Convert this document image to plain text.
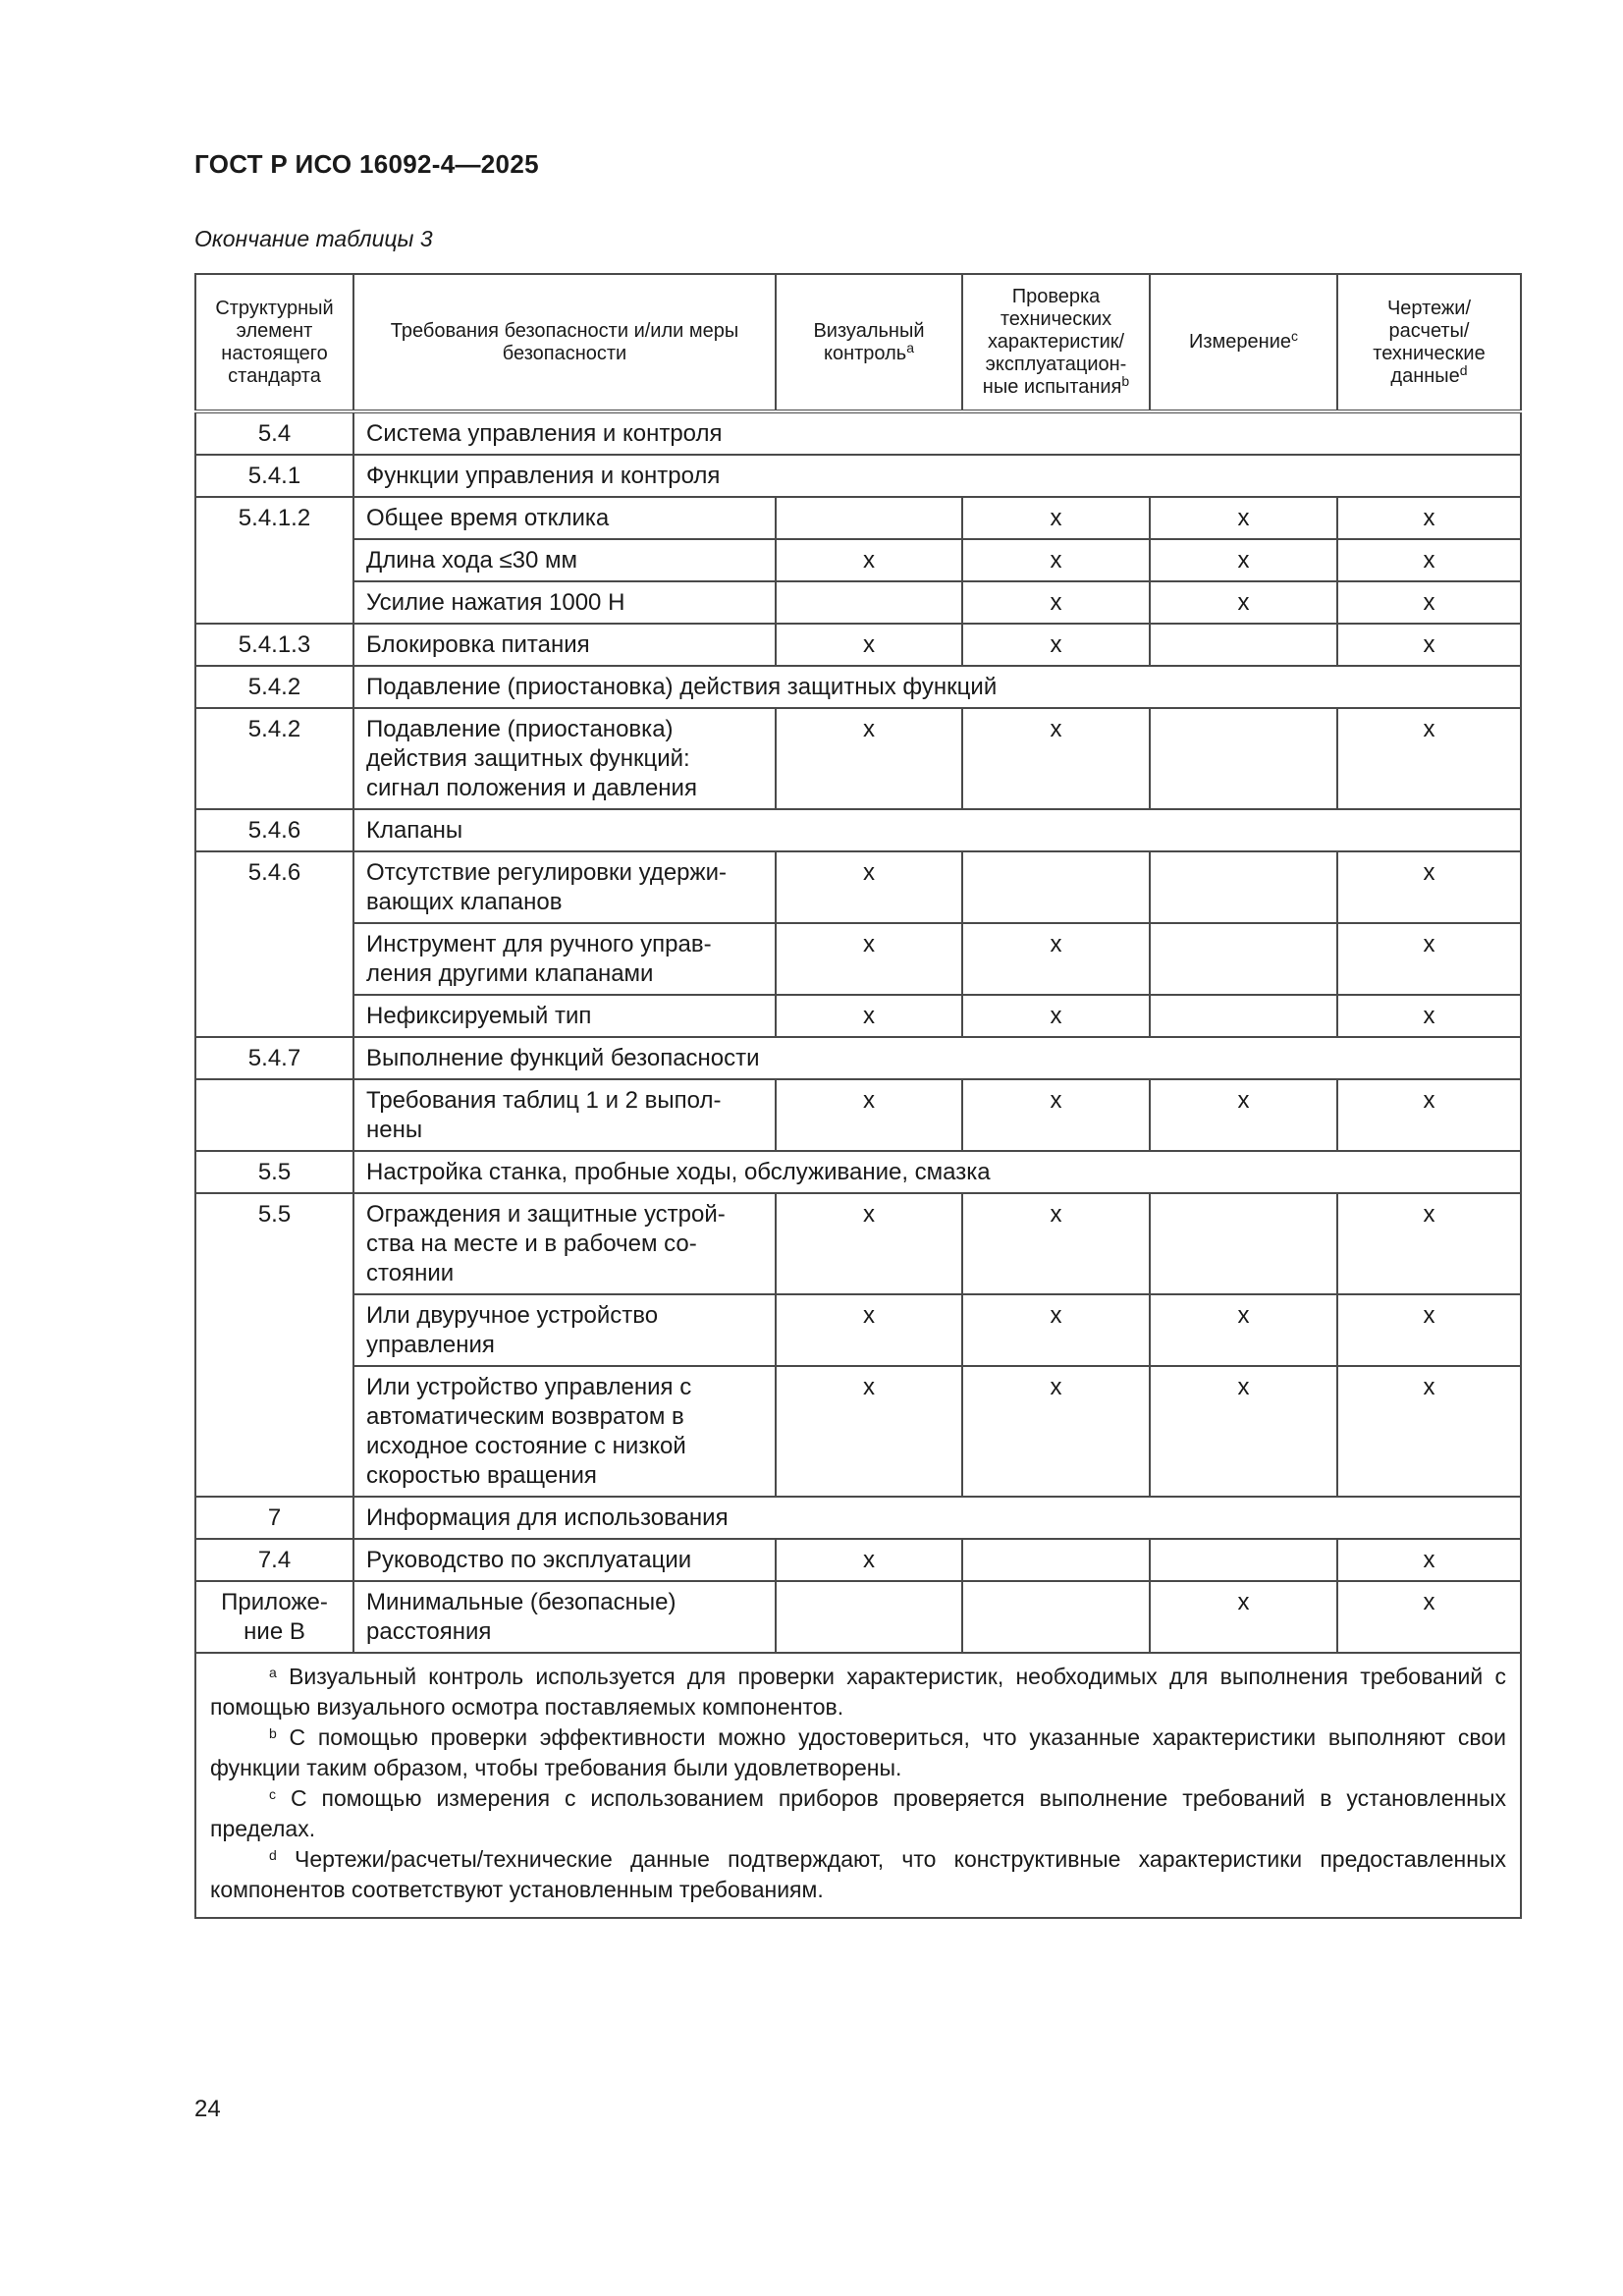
ГОСТ Р ИСО 16092-4—2025
Окончание таблицы 3
Структурный элемент настоящего стандарта	Требования безопасности и/или меры безопасности	Визуальный контроль$^a$	Проверка технических характеристик/ эксплуатацион-ные испытания$^b$	Измерение$^c$	Чертежи/ расчеты/ технические данные$^d$
5.4	Система управления и контроля				
5.4.1	Функции управления и контроля				
5.4.1.2	Общее время отклика		x	x	x
	Длина хода ≤30 мм	x	x	x	x
	Усилие нажатия 1000 Н		x	x	x
5.4.1.3	Блокировка питания	x	x		x
5.4.2	Подавление (приостановка) действия защитных функций				
5.4.2	Подавление (приостановка) действия защитных функций: сигнал положения и давления	x	x		x
5.4.6	Клапаны				
5.4.6	Отсутствие регулировки удержи-вающих клапанов	x			x
	Инструмент для ручного управ-ления другими клапанами	x	x		x
	Нефиксируемый тип	x	x		x
5.4.7	Выполнение функций безопасности				
	Требования таблиц 1 и 2 выпол-нены	x	x	x	x
5.5	Настройка станка, пробные ходы, обслуживание, смазка				
5.5	Ограждения и защитные устрой-ства на месте и в рабочем со-стоянии	x	x		x
	Или двуручное устройство управления	x	x	x	x
	Или устройство управления с автоматическим возвратом в исходное состояние с низкой скоростью вращения	x	x	x	x
7	Информация для использования				
7.4	Руководство по эксплуатации	x			x
Приложе-ние В	Минимальные (безопасные) расстояния			x	x

$^a$ Визуальный контроль используется для проверки характеристик, необходимых для выполнения требований с помощью визуального осмотра поставляемых компонентов.

$^b$ С помощью проверки эффективности можно удостовериться, что указанные характеристики выполняют свои функции таким образом, чтобы требования были удовлетворены.

$^c$ С помощью измерения с использованием приборов проверяется выполнение требований в установленных пределах.

$^d$ Чертежи/расчеты/технические данные подтверждают, что конструктивные характеристики предоставленных компонентов соответствуют установленным требованиям.					

24
